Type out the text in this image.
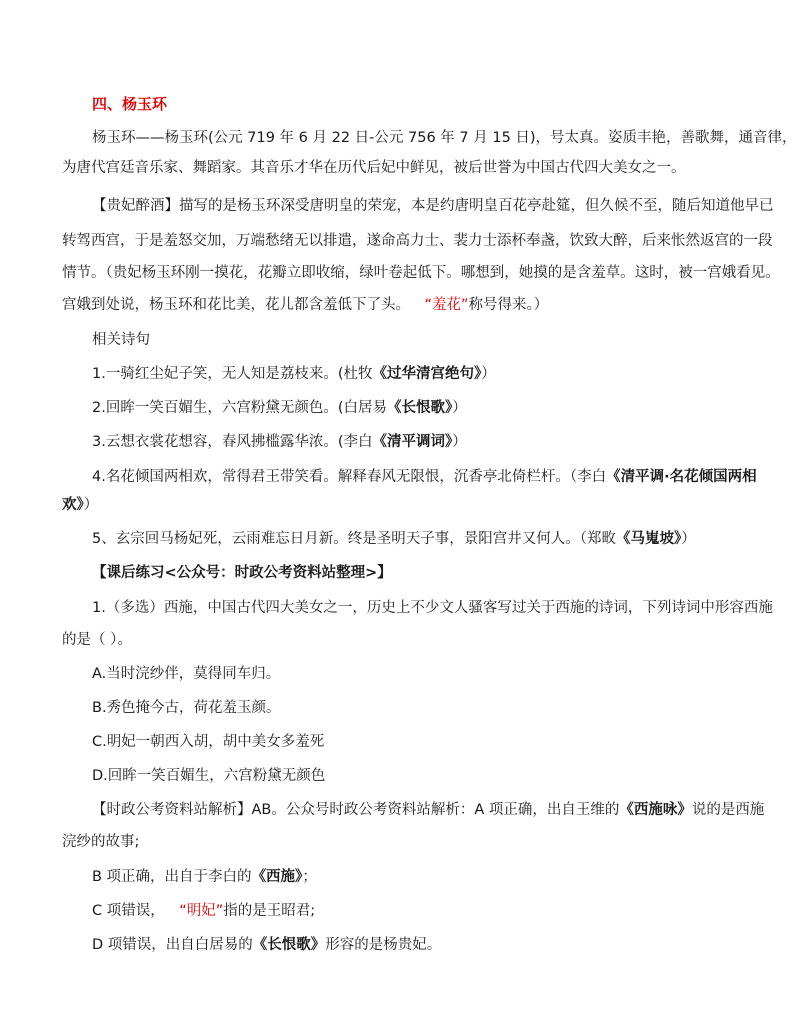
四、杨玉环
杨玉环——杨玉环(公元 719 年 6 月 22 日-公元 756 年 7 月 15 日)，号太真。姿质丰艳，善歌舞，通音律，
为唐代宫廷音乐家、舞蹈家。其音乐才华在历代后妃中鲜见，被后世誉为中国古代四大美女之一。
【贵妃醉酒】描写的是杨玉环深受唐明皇的荣宠，本是约唐明皇百花亭赴筵，但久候不至，随后知道他早已
转驾西宫，于是羞怒交加，万端愁绪无以排遣，遂命高力士、裴力士添杯奉盏，饮致大醉，后来怅然返宫的一段
情节。（贵妃杨玉环刚一摸花，花瓣立即收缩，绿叶卷起低下。哪想到，她摸的是含羞草。这时，被一宫娥看见。
宫娥到处说，杨玉环和花比美，花儿都含羞低下了头。  “羞花”称号得来。）
相关诗句
1.一骑红尘妃子笑，无人知是荔枝来。(杜牧《过华清宫绝句》）
2.回眸一笑百媚生，六宫粉黛无颜色。(白居易《长恨歌》）
3.云想衣裳花想容，春风拂槛露华浓。(李白《清平调词》）
4.名花倾国两相欢，常得君王带笑看。解释春风无限恨，沉香亭北倚栏杆。（李白《清平调·名花倾国两相
欢》）
5、玄宗回马杨妃死，云雨难忘日月新。终是圣明天子事，景阳宫井又何人。（郑畋《马嵬坡》）
【课后练习<公众号：时政公考资料站整理>】
1.（多选）西施，中国古代四大美女之一，历史上不少文人骚客写过关于西施的诗词，下列诗词中形容西施
的是（ ）。
A.当时浣纱伴，莫得同车归。
B.秀色掩今古，荷花羞玉颜。
C.明妃一朝西入胡，胡中美女多羞死
D.回眸一笑百媚生，六宫粉黛无颜色
【时政公考资料站解析】AB。公众号时政公考资料站解析：A 项正确，出自王维的《西施咏》说的是西施
浣纱的故事;
B 项正确，出自于李白的《西施》；
C 项错误，  “明妃”指的是王昭君;
D 项错误，出自白居易的《长恨歌》形容的是杨贵妃。
